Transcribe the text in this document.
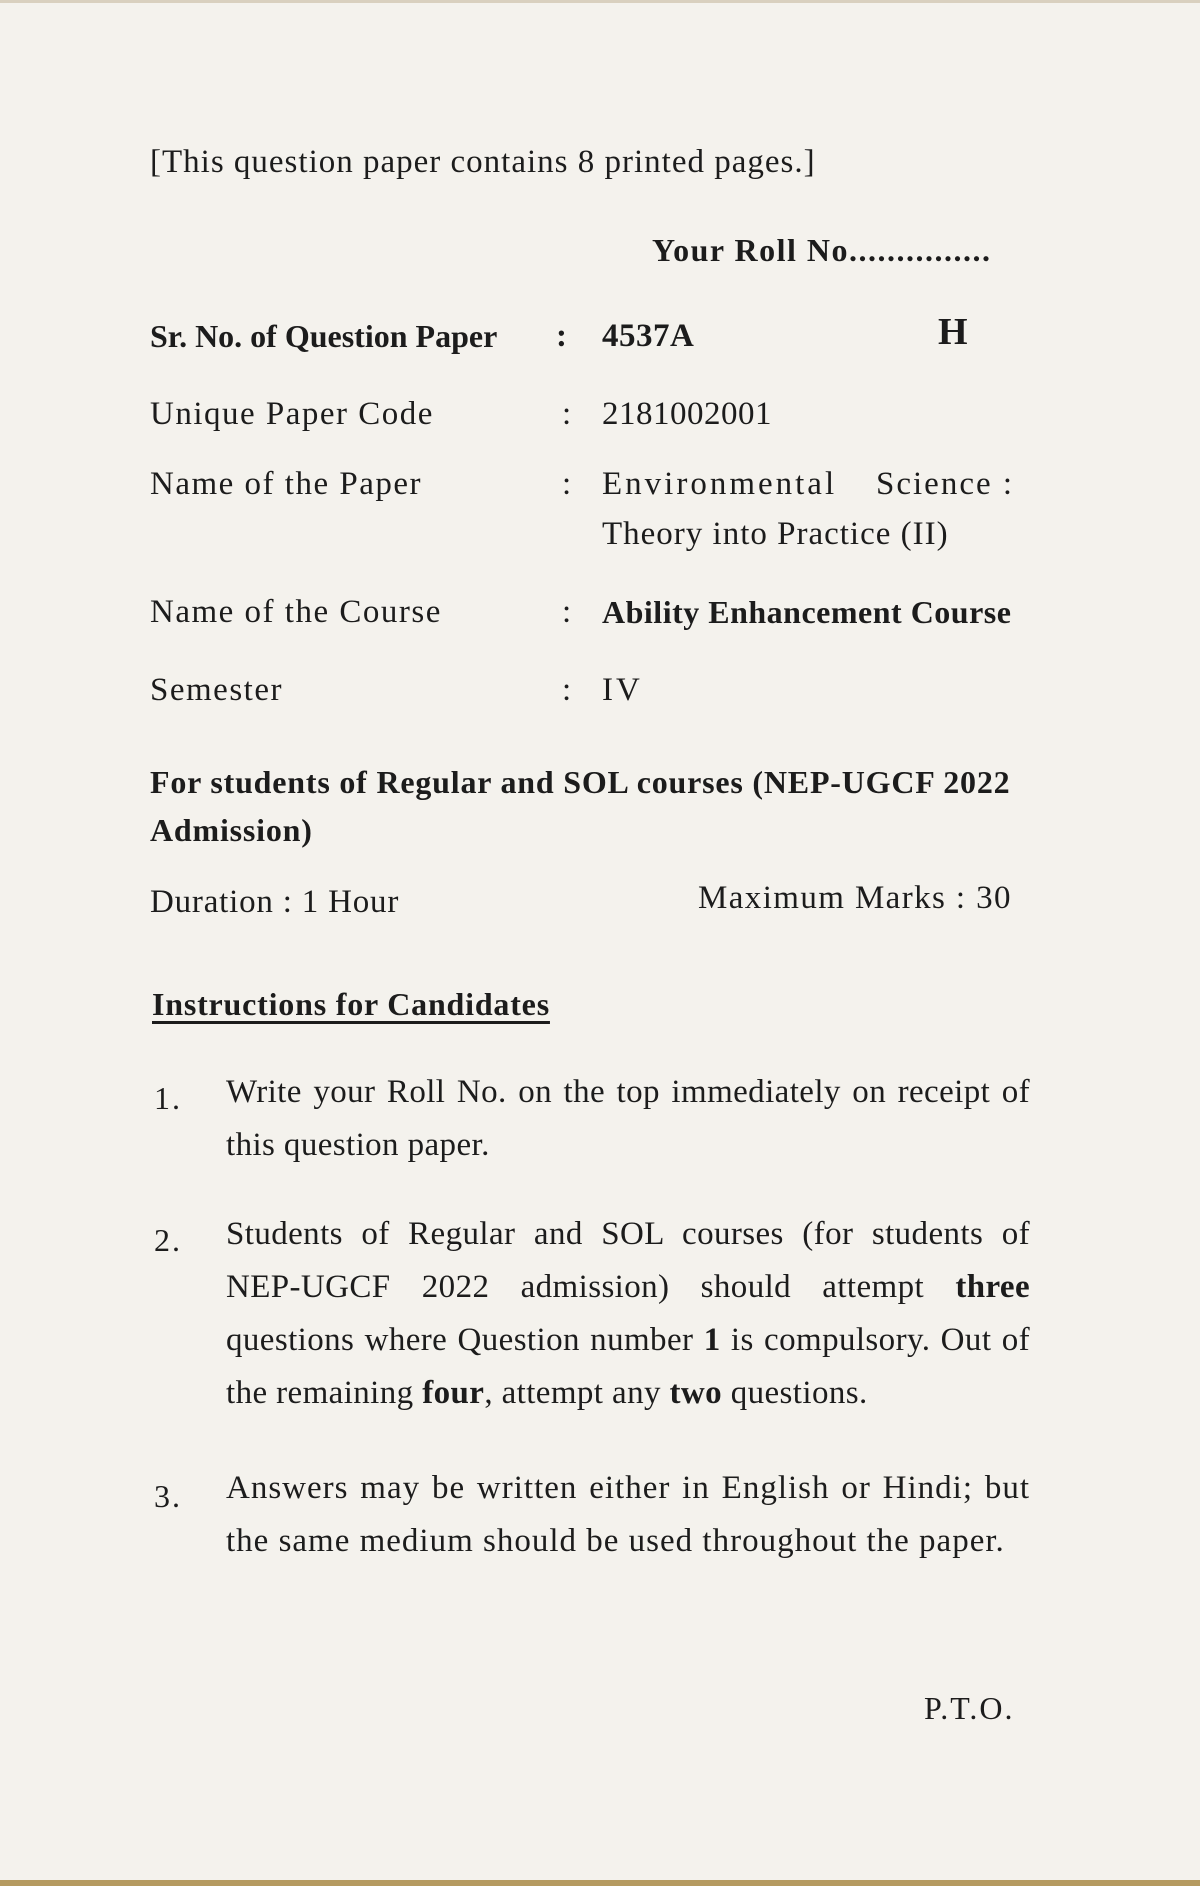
[This question paper contains 8 printed pages.]
Your Roll No...............
Sr. No. of Question Paper : 4537A	H
Unique Paper Code	: 2181002001
Name of the Paper	: Environmental Science :
Theory into Practice (II)
Name of the Course	: Ability Enhancement Course
Semester	: IV
For students of Regular and SOL courses (NEP-UGCF 2022 Admission)
Duration : 1 Hour	Maximum Marks : 30
Instructions for Candidates
1. Write your Roll No. on the top immediately on receipt of this question paper.
2. Students of Regular and SOL courses (for students of NEP-UGCF 2022 admission) should attempt three questions where Question number 1 is compulsory. Out of the remaining four, attempt any two questions.
3. Answers may be written either in English or Hindi; but the same medium should be used throughout the paper.
P.T.O.
